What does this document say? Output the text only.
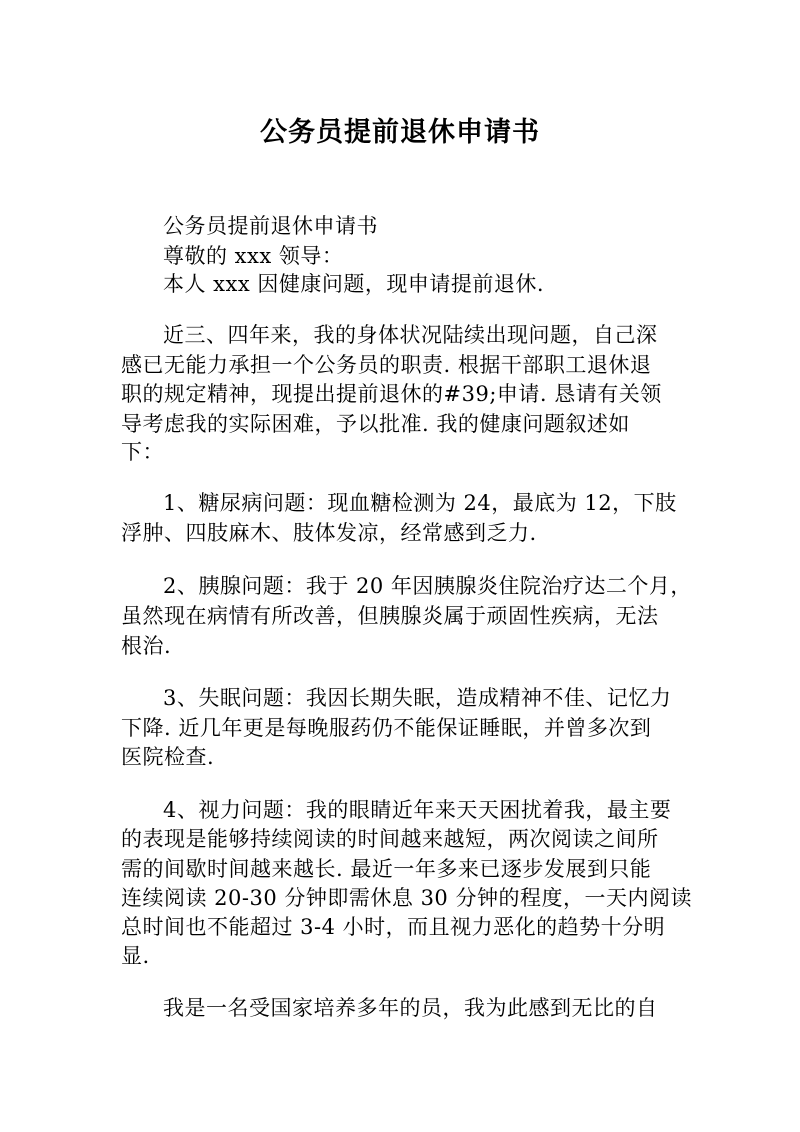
公务员提前退休申请书
公务员提前退休申请书
尊敬的 xxx 领导：
本人 xxx 因健康问题，现申请提前退休.
近三、四年来，我的身体状况陆续出现问题，自己深
感已无能力承担一个公务员的职责. 根据干部职工退休退
职的规定精神，现提出提前退休的#39;申请. 恳请有关领
导考虑我的实际困难，予以批准. 我的健康问题叙述如
下：
1、糖尿病问题：现血糖检测为 24，最底为 12，下肢
浮肿、四肢麻木、肢体发凉，经常感到乏力.
2、胰腺问题：我于 20 年因胰腺炎住院治疗达二个月，
虽然现在病情有所改善，但胰腺炎属于顽固性疾病，无法
根治.
3、失眠问题：我因长期失眠，造成精神不佳、记忆力
下降. 近几年更是每晚服药仍不能保证睡眠，并曾多次到
医院检查.
4、视力问题：我的眼睛近年来天天困扰着我，最主要
的表现是能够持续阅读的时间越来越短，两次阅读之间所
需的间歇时间越来越长. 最近一年多来已逐步发展到只能
连续阅读 20-30 分钟即需休息 30 分钟的程度，一天内阅读
总时间也不能超过 3-4 小时，而且视力恶化的趋势十分明
显.
我是一名受国家培养多年的员，我为此感到无比的自
